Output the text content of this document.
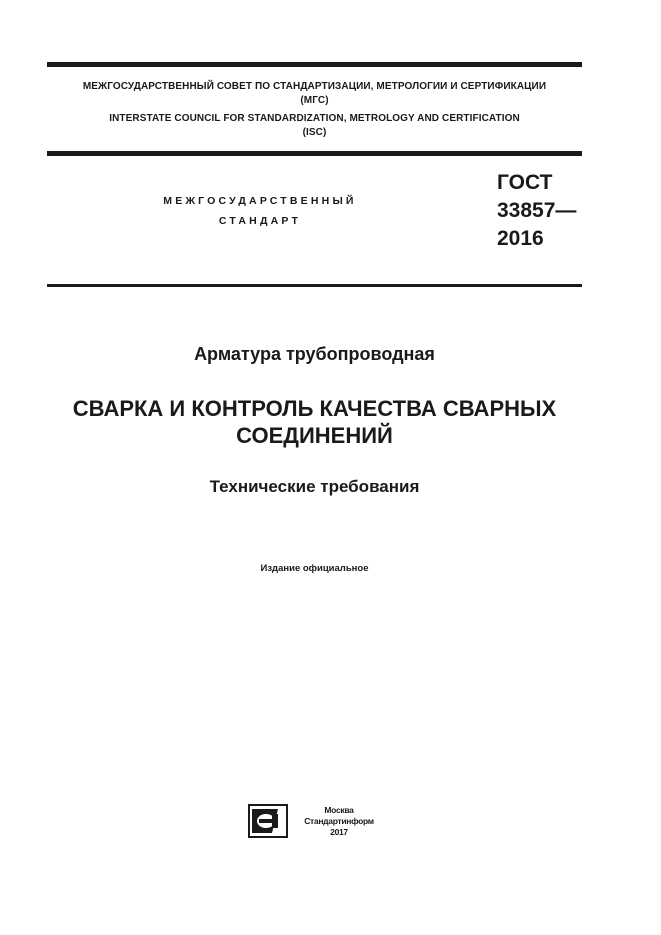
МЕЖГОСУДАРСТВЕННЫЙ СОВЕТ ПО СТАНДАРТИЗАЦИИ, МЕТРОЛОГИИ И СЕРТИФИКАЦИИ
(МГС)
INTERSTATE COUNCIL FOR STANDARDIZATION, METROLOGY AND CERTIFICATION
(ISC)
МЕЖГОСУДАРСТВЕННЫЙ
СТАНДАРТ
ГОСТ
33857—
2016
Арматура трубопроводная
СВАРКА И КОНТРОЛЬ КАЧЕСТВА СВАРНЫХ
СОЕДИНЕНИЙ
Технические требования
Издание официальное
Москва
Стандартинформ
2017
